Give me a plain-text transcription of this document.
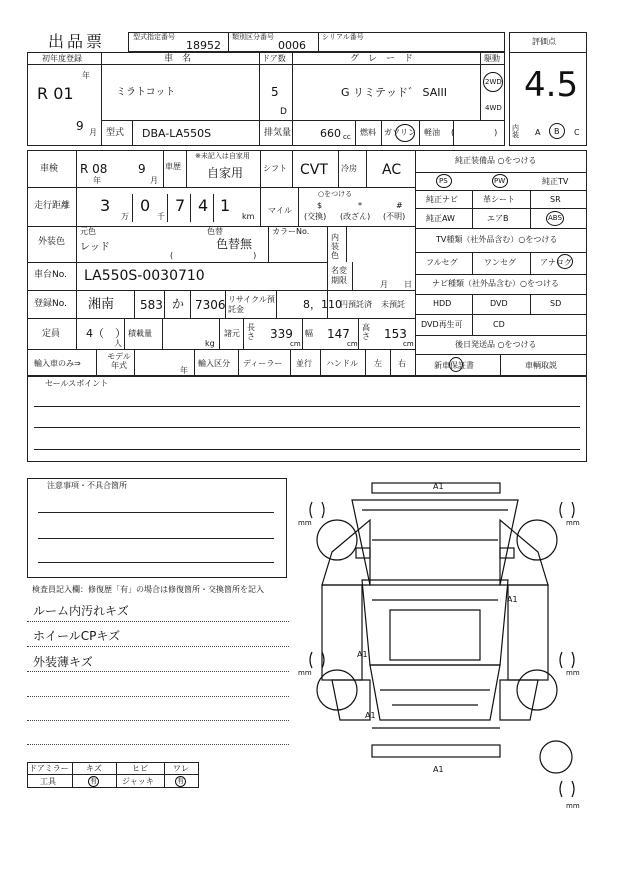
出品票	型式指定番号
18952
類別区分番号
0006
シリアル番号	評価点
4.5
初年度登録
年
R 01
9 月
車　名
ミラトコット
ドア数
5
D
グ　レ　ー　ド
G リミテッド゛ SAIII
駆動
2WD
4WD
型式 DBA-LA550S	排気量	660 cc 燃料 ガソリン 軽油 (　　　　　) 内装	A B C
車検 R 08
年
9
月
車歴
※未記入は自家用
自家用 シフト CVT 冷房 AC
走行距離 3
万
0
千
7 4 1
km
マイル
○をつける
$
(交換)
*
(改ざん)
#
(不明)
外装色
元色
レッド
色替
色替無
(　　　　　　　　　　)
カラーNo.
内装色
車台No. LA550S-0030710	名変期限	月 日
登録No. 湘南 583 か 7306 リサイクル預託金	8，110
円預託済 未預託
定員 4（　）
人
積載量
kg
諸元
長さ 339
cm
幅 147
cm
高さ 153
cm
輸入車のみ⇒
モデル年式
年
輸入区分 ディーラー 並行 ハンドル 左 右
純正装備品 ○をつける
PS	PW	純正TV
純正ナビ	革シート	SR
純正AW	エアB	ABS
TV種類（社外品含む）○をつける
フルセグ	ワンセグ	アナログ
ナビ種類（社外品含む）○をつける
HDD	DVD	SD
DVD再生可	CD
後日発送品 ○をつける
新車保証書	車輌取説
セールスポイント
注意事項・不具合箇所
検査員記入欄：修復歴「有」の場合は修復箇所・交換箇所を記入
ルーム内汚れキズ
ホイールCPキズ
外装薄キズ
ドアミラー キズ	ヒビ	ワレ
工具	有	ジャッキ	有
mm	mm
mm	mm
mm
A1
A1
A1
A1
A1
